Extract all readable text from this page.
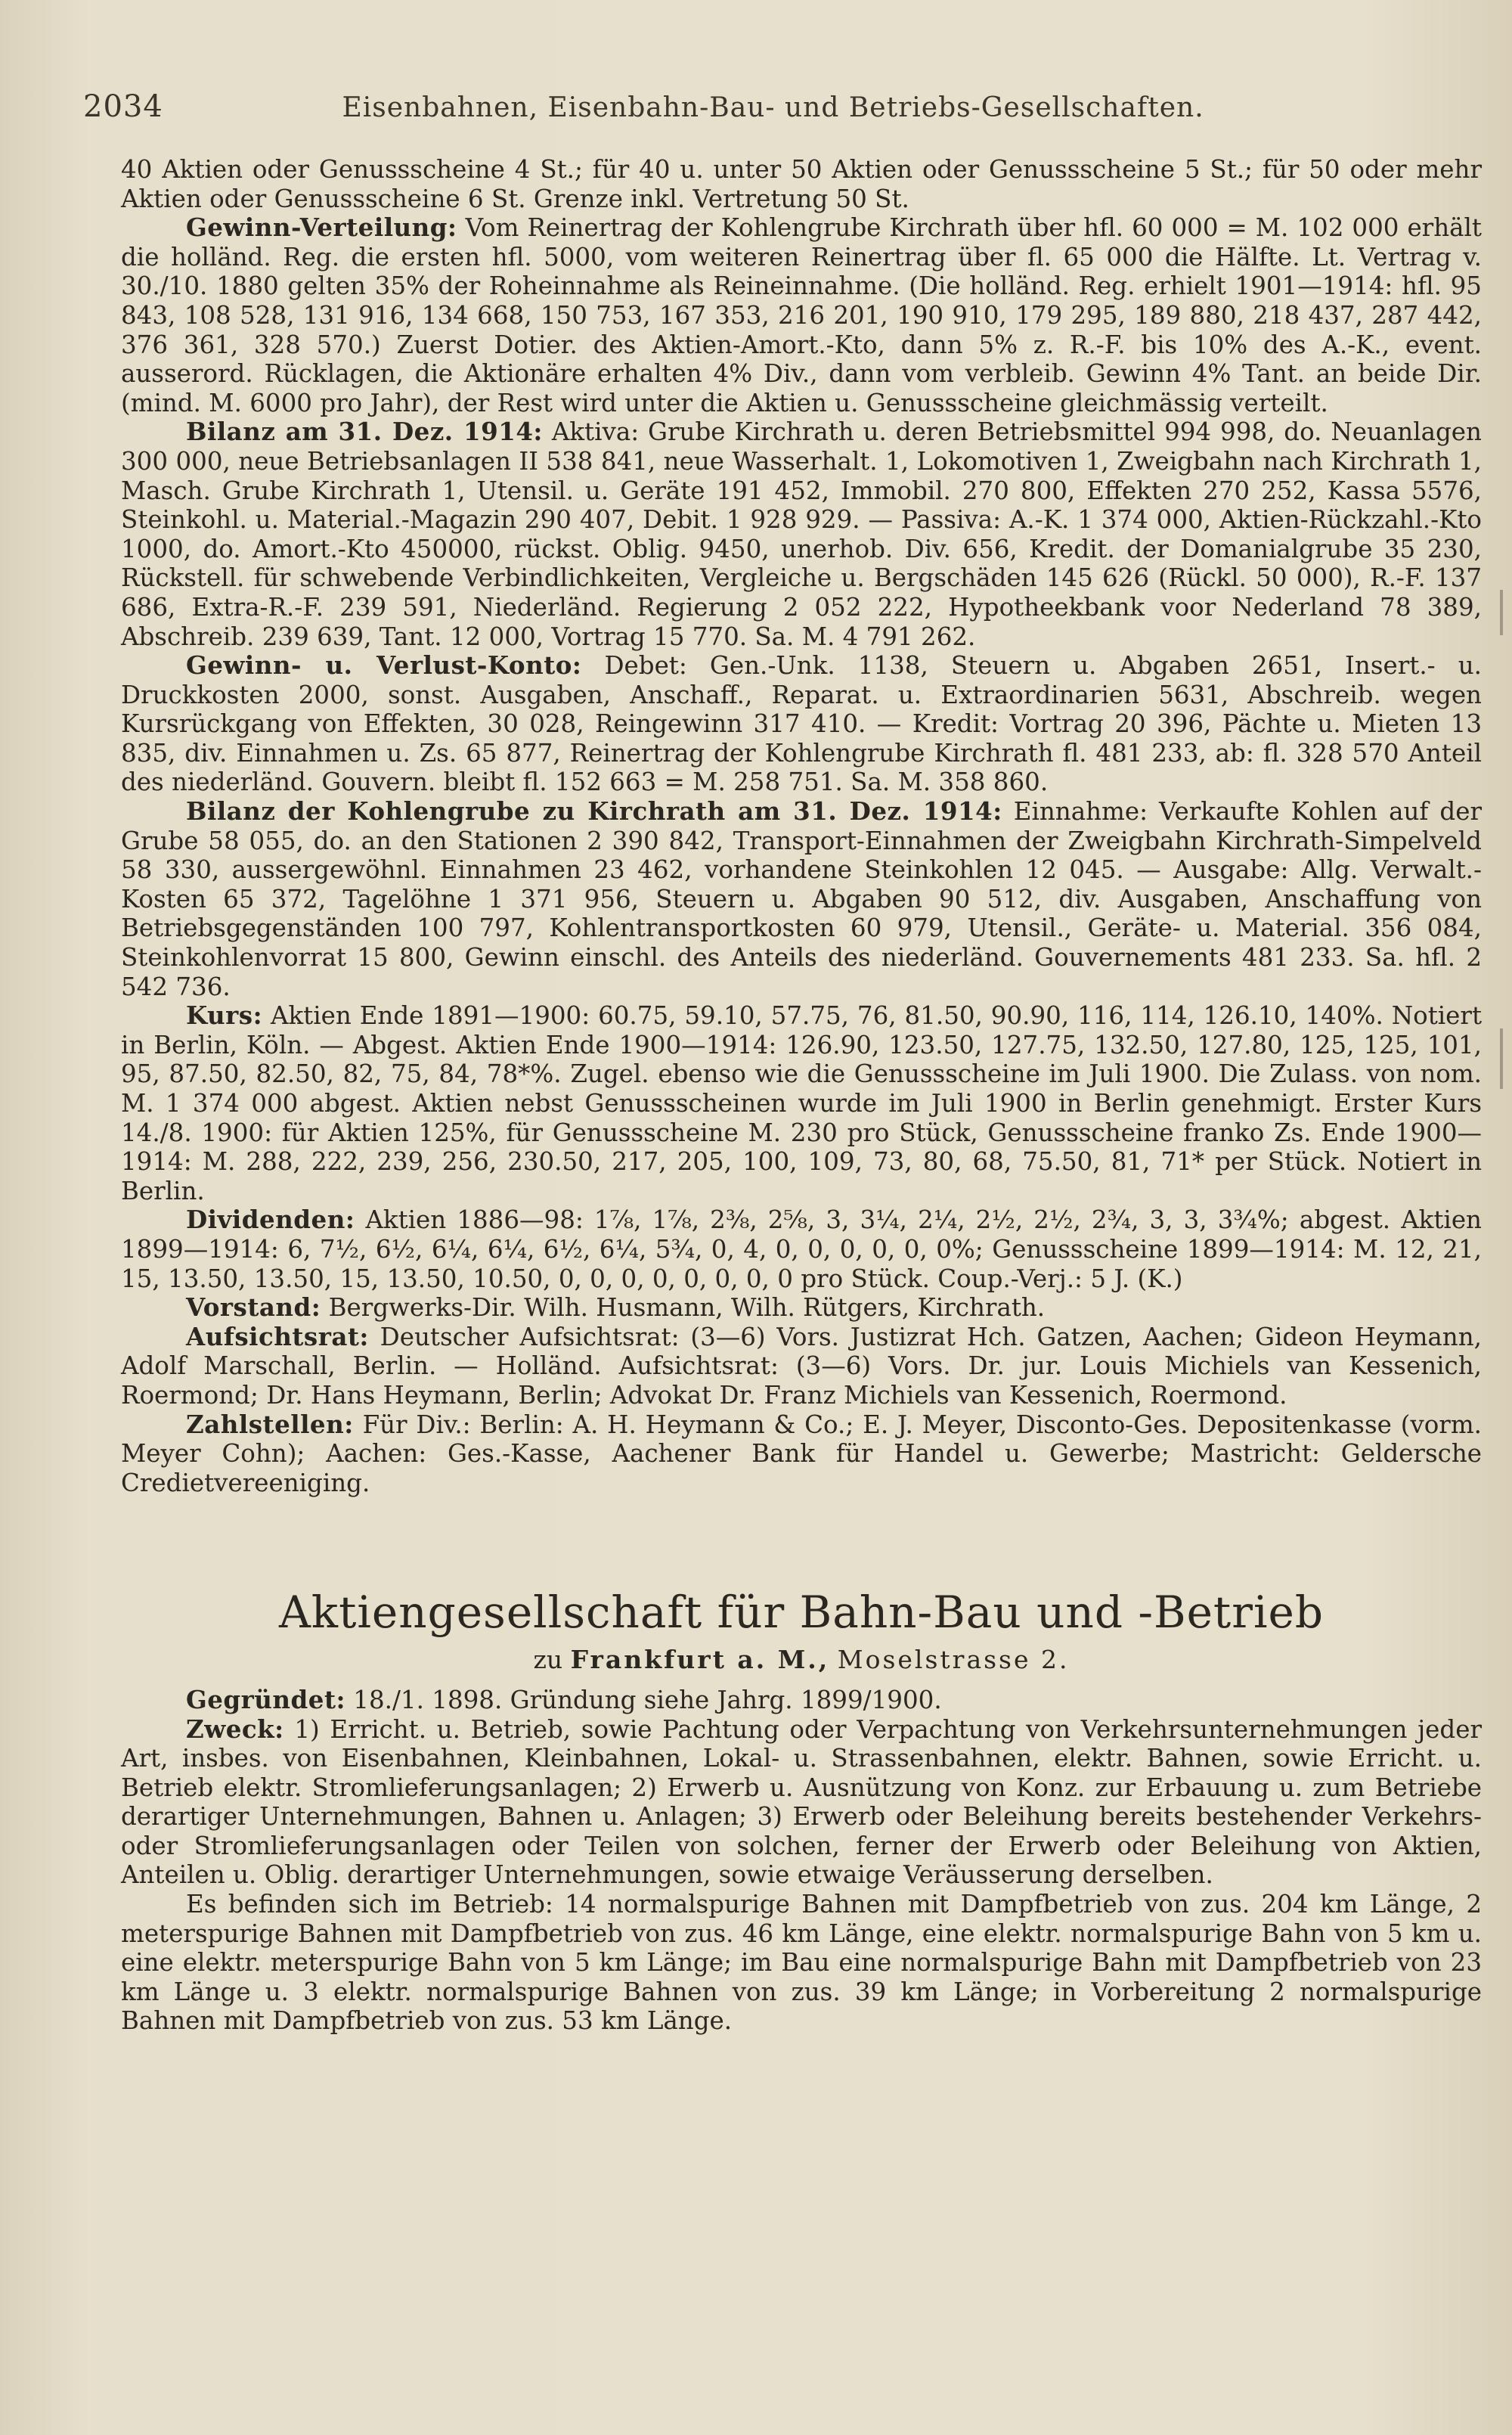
2034	Eisenbahnen, Eisenbahn-Bau- und Betriebs-Gesellschaften.

40 Aktien oder Genussscheine 4 St.; für 40 u. unter 50 Aktien oder Genussscheine 5 St.; für 50 oder mehr Aktien oder Genussscheine 6 St. Grenze inkl. Vertretung 50 St.

Gewinn-Verteilung: Vom Reinertrag der Kohlengrube Kirchrath über hfl. 60 000 = M. 102 000 erhält die holländ. Reg. die ersten hfl. 5000, vom weiteren Reinertrag über fl. 65 000 die Hälfte. Lt. Vertrag v. 30./10. 1880 gelten 35% der Roheinnahme als Reineinnahme. (Die holländ. Reg. erhielt 1901—1914: hfl. 95 843, 108 528, 131 916, 134 668, 150 753, 167 353, 216 201, 190 910, 179 295, 189 880, 218 437, 287 442, 376 361, 328 570.) Zuerst Dotier. des Aktien-Amort.-Kto, dann 5% z. R.-F. bis 10% des A.-K., event. ausserord. Rücklagen, die Aktionäre erhalten 4% Div., dann vom verbleib. Gewinn 4% Tant. an beide Dir. (mind. M. 6000 pro Jahr), der Rest wird unter die Aktien u. Genussscheine gleichmässig verteilt.

Bilanz am 31. Dez. 1914: Aktiva: Grube Kirchrath u. deren Betriebsmittel 994 998, do. Neuanlagen 300 000, neue Betriebsanlagen II 538 841, neue Wasserhalt. 1, Lokomotiven 1, Zweigbahn nach Kirchrath 1, Masch. Grube Kirchrath 1, Utensil. u. Geräte 191 452, Immobil. 270 800, Effekten 270 252, Kassa 5576, Steinkohl. u. Material.-Magazin 290 407, Debit. 1 928 929. — Passiva: A.-K. 1 374 000, Aktien-Rückzahl.-Kto 1000, do. Amort.-Kto 450000, rückst. Oblig. 9450, unerhob. Div. 656, Kredit. der Domanialgrube 35 230, Rückstell. für schwebende Verbindlichkeiten, Vergleiche u. Bergschäden 145 626 (Rückl. 50 000), R.-F. 137 686, Extra-R.-F. 239 591, Niederländ. Regierung 2 052 222, Hypotheekbank voor Nederland 78 389, Abschreib. 239 639, Tant. 12 000, Vortrag 15 770. Sa. M. 4 791 262.

Gewinn- u. Verlust-Konto: Debet: Gen.-Unk. 1138, Steuern u. Abgaben 2651, Insert.- u. Druckkosten 2000, sonst. Ausgaben, Anschaff., Reparat. u. Extraordinarien 5631, Abschreib. wegen Kursrückgang von Effekten, 30 028, Reingewinn 317 410. — Kredit: Vortrag 20 396, Pächte u. Mieten 13 835, div. Einnahmen u. Zs. 65 877, Reinertrag der Kohlengrube Kirchrath fl. 481 233, ab: fl. 328 570 Anteil des niederländ. Gouvern. bleibt fl. 152 663 = M. 258 751. Sa. M. 358 860.

Bilanz der Kohlengrube zu Kirchrath am 31. Dez. 1914: Einnahme: Verkaufte Kohlen auf der Grube 58 055, do. an den Stationen 2 390 842, Transport-Einnahmen der Zweigbahn Kirchrath-Simpelveld 58 330, aussergewöhnl. Einnahmen 23 462, vorhandene Steinkohlen 12 045. — Ausgabe: Allg. Verwalt.-Kosten 65 372, Tagelöhne 1 371 956, Steuern u. Abgaben 90 512, div. Ausgaben, Anschaffung von Betriebsgegenständen 100 797, Kohlentransportkosten 60 979, Utensil., Geräte- u. Material. 356 084, Steinkohlenvorrat 15 800, Gewinn einschl. des Anteils des niederländ. Gouvernements 481 233. Sa. hfl. 2 542 736.

Kurs: Aktien Ende 1891—1900: 60.75, 59.10, 57.75, 76, 81.50, 90.90, 116, 114, 126.10, 140%. Notiert in Berlin, Köln. — Abgest. Aktien Ende 1900—1914: 126.90, 123.50, 127.75, 132.50, 127.80, 125, 125, 101, 95, 87.50, 82.50, 82, 75, 84, 78*%. Zugel. ebenso wie die Genussscheine im Juli 1900. Die Zulass. von nom. M. 1 374 000 abgest. Aktien nebst Genussscheinen wurde im Juli 1900 in Berlin genehmigt. Erster Kurs 14./8. 1900: für Aktien 125%, für Genussscheine M. 230 pro Stück, Genussscheine franko Zs. Ende 1900—1914: M. 288, 222, 239, 256, 230.50, 217, 205, 100, 109, 73, 80, 68, 75.50, 81, 71* per Stück. Notiert in Berlin.

Dividenden: Aktien 1886—98: 1⅞, 1⅞, 2⅜, 2⅝, 3, 3¼, 2¼, 2½, 2½, 2¾, 3, 3, 3¾%; abgest. Aktien 1899—1914: 6, 7½, 6½, 6¼, 6¼, 6½, 6¼, 5¾, 0, 4, 0, 0, 0, 0, 0, 0%; Genussscheine 1899—1914: M. 12, 21, 15, 13.50, 13.50, 15, 13.50, 10.50, 0, 0, 0, 0, 0, 0, 0, 0 pro Stück. Coup.-Verj.: 5 J. (K.)

Vorstand: Bergwerks-Dir. Wilh. Husmann, Wilh. Rütgers, Kirchrath.

Aufsichtsrat: Deutscher Aufsichtsrat: (3—6) Vors. Justizrat Hch. Gatzen, Aachen; Gideon Heymann, Adolf Marschall, Berlin. — Holländ. Aufsichtsrat: (3—6) Vors. Dr. jur. Louis Michiels van Kessenich, Roermond; Dr. Hans Heymann, Berlin; Advokat Dr. Franz Michiels van Kessenich, Roermond.

Zahlstellen: Für Div.: Berlin: A. H. Heymann & Co.; E. J. Meyer, Disconto-Ges. Depositenkasse (vorm. Meyer Cohn); Aachen: Ges.-Kasse, Aachener Bank für Handel u. Gewerbe; Mastricht: Geldersche Credietvereeniging.

Aktiengesellschaft für Bahn-Bau und -Betrieb

zu Frankfurt a. M., Moselstrasse 2.

Gegründet: 18./1. 1898. Gründung siehe Jahrg. 1899/1900.

Zweck: 1) Erricht. u. Betrieb, sowie Pachtung oder Verpachtung von Verkehrsunternehmungen jeder Art, insbes. von Eisenbahnen, Kleinbahnen, Lokal- u. Strassenbahnen, elektr. Bahnen, sowie Erricht. u. Betrieb elektr. Stromlieferungsanlagen; 2) Erwerb u. Ausnützung von Konz. zur Erbauung u. zum Betriebe derartiger Unternehmungen, Bahnen u. Anlagen; 3) Erwerb oder Beleihung bereits bestehender Verkehrs- oder Stromlieferungsanlagen oder Teilen von solchen, ferner der Erwerb oder Beleihung von Aktien, Anteilen u. Oblig. derartiger Unternehmungen, sowie etwaige Veräusserung derselben.

Es befinden sich im Betrieb: 14 normalspurige Bahnen mit Dampfbetrieb von zus. 204 km Länge, 2 meterspurige Bahnen mit Dampfbetrieb von zus. 46 km Länge, eine elektr. normalspurige Bahn von 5 km u. eine elektr. meterspurige Bahn von 5 km Länge; im Bau eine normalspurige Bahn mit Dampfbetrieb von 23 km Länge u. 3 elektr. normalspurige Bahnen von zus. 39 km Länge; in Vorbereitung 2 normalspurige Bahnen mit Dampfbetrieb von zus. 53 km Länge.
